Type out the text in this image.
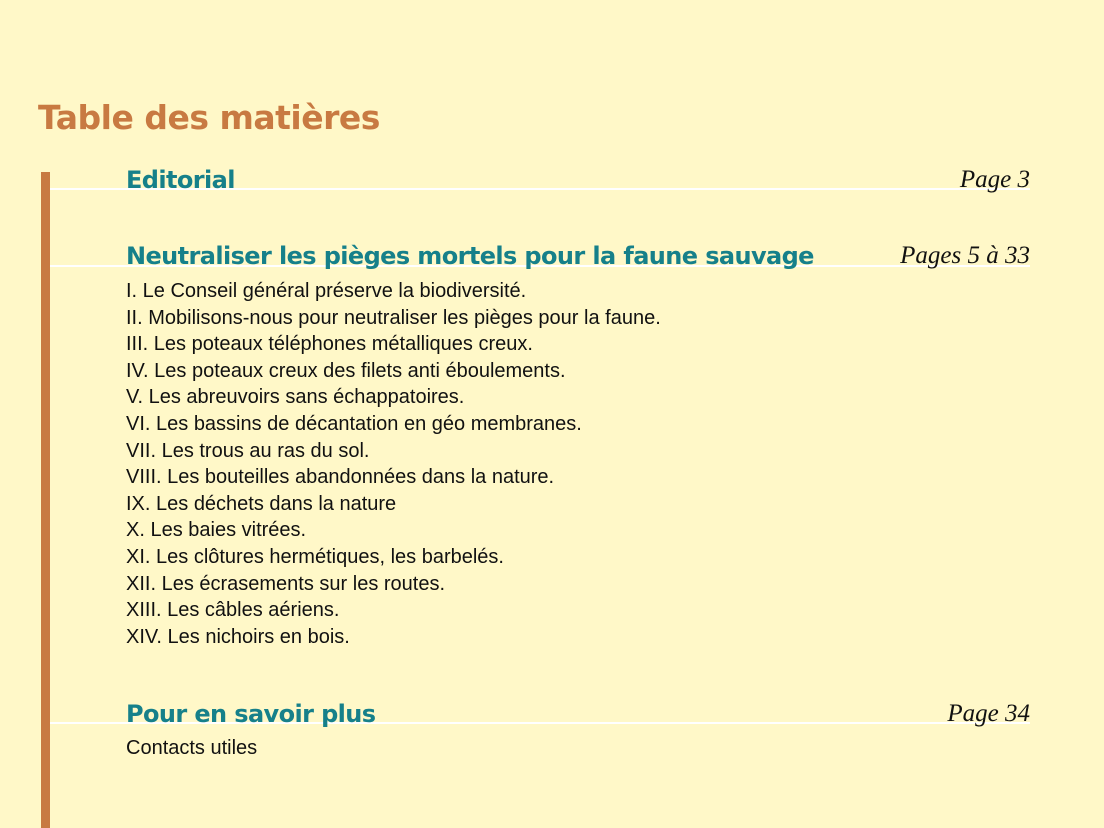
Table des matières
Editorial	Page 3
Neutraliser les pièges mortels pour la faune sauvage	Pages 5 à 33
I. Le Conseil général préserve la biodiversité.
II. Mobilisons-nous pour neutraliser les pièges pour la faune.
III. Les poteaux téléphones métalliques creux.
IV. Les poteaux creux des filets anti éboulements.
V. Les abreuvoirs sans échappatoires.
VI. Les bassins de décantation en géo membranes.
VII. Les trous au ras du sol.
VIII. Les bouteilles abandonnées dans la nature.
IX. Les déchets dans la nature
X. Les baies vitrées.
XI. Les clôtures hermétiques, les barbelés.
XII. Les écrasements sur les routes.
XIII. Les câbles aériens.
XIV. Les nichoirs en bois.
Pour en savoir plus	Page 34
Contacts utiles
